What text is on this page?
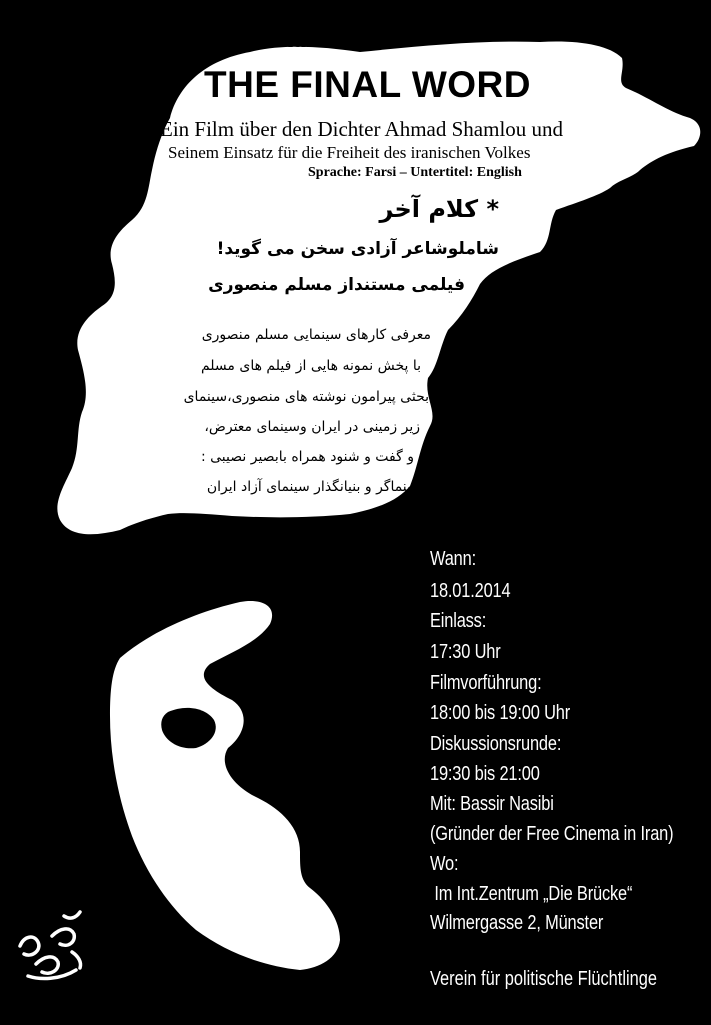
Moslem Mansouri`s

THE FINAL WORD

Ein Film über den Dichter Ahmad Shamlou und

Seinem Einsatz für die Freiheit des iranischen Volkes

Sprache: Farsi – Untertitel: English

* کلام آخر

شاملوشاعر آزادی سخن می گوید!

فیلمی مستنداز مسلم منصوری

معرفی کارهای سینمایی مسلم منصوری

با پخش نمونه هایی از فیلم های مسلم

بحثی پیرامون نوشته های منصوری،سینمای

زیر زمینی در ایران وسینمای معترض،

و گفت و شنود همراه بابصیر نصیبی :

سینماگر و بنیانگذار سینمای آزاد ایران

Wann:

18.01.2014

Einlass:

17:30 Uhr

Filmvorführung:

18:00 bis 19:00 Uhr

Diskussionsrunde:

19:30 bis 21:00

Mit: Bassir Nasibi

(Gründer der Free Cinema in Iran)

Wo:

Im Int.Zentrum „Die Brücke“

Wilmergasse 2, Münster

Verein für politische Flüchtlinge
